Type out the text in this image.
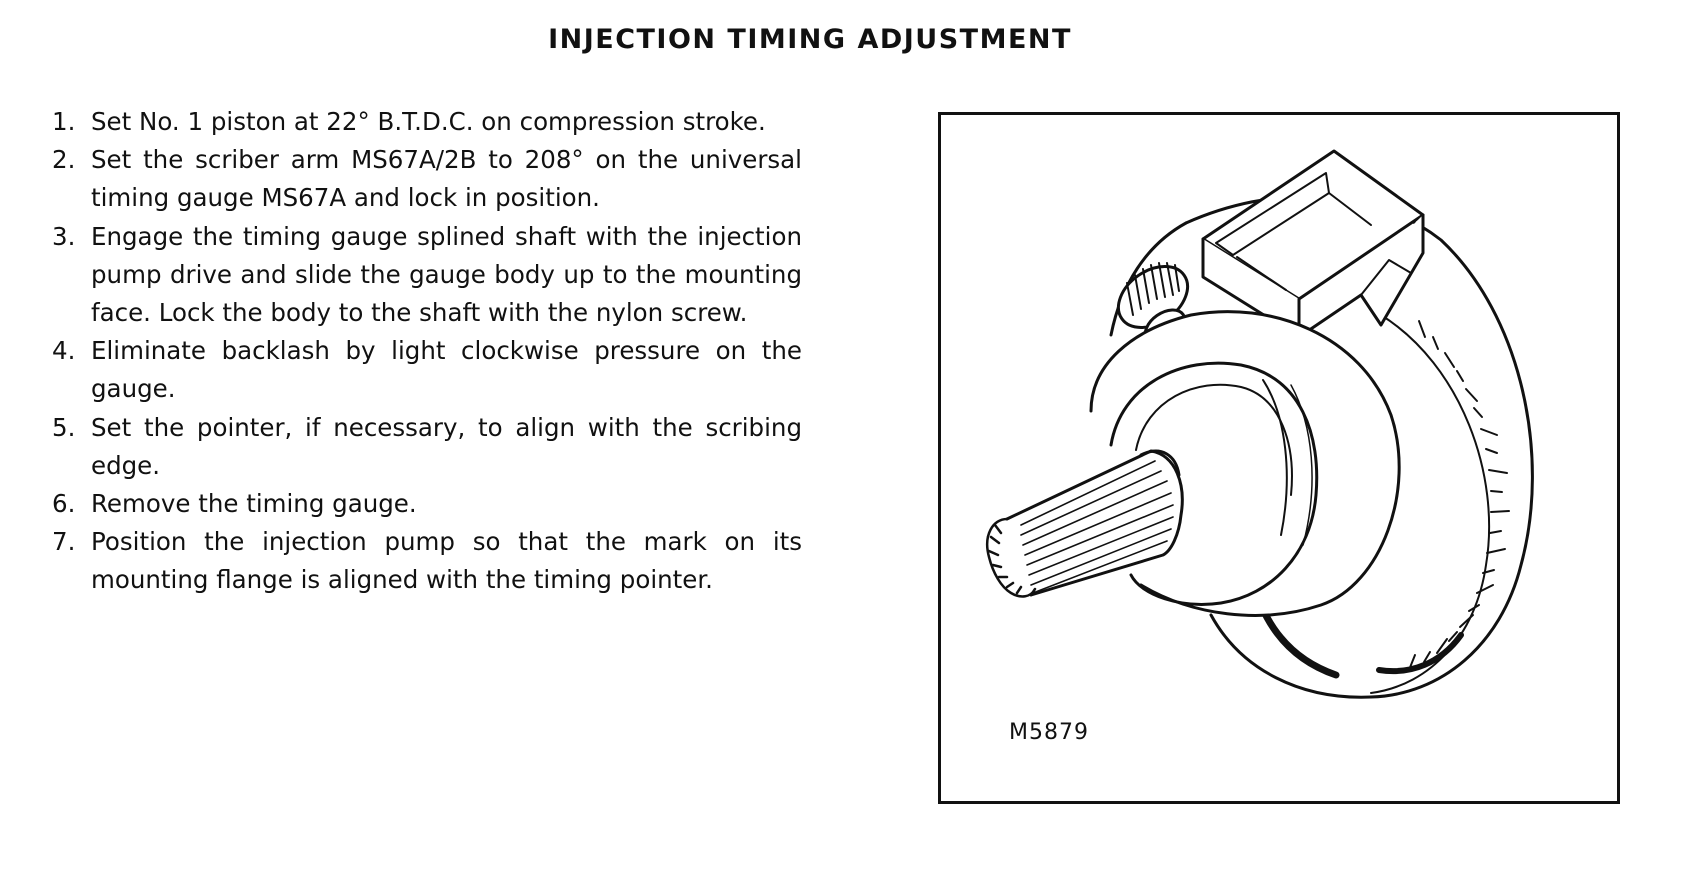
INJECTION TIMING ADJUSTMENT
1. Set No. 1 piston at 22° B.T.D.C. on compression stroke.
2. Set the scriber arm MS67A/2B to 208° on the universal timing gauge MS67A and lock in position.
3. Engage the timing gauge splined shaft with the injection pump drive and slide the gauge body up to the mounting face. Lock the body to the shaft with the nylon screw.
4. Eliminate backlash by light clockwise pressure on the gauge.
5. Set the pointer, if necessary, to align with the scribing edge.
6. Remove the timing gauge.
7. Position the injection pump so that the mark on its mounting flange is aligned with the timing pointer.
M5879
